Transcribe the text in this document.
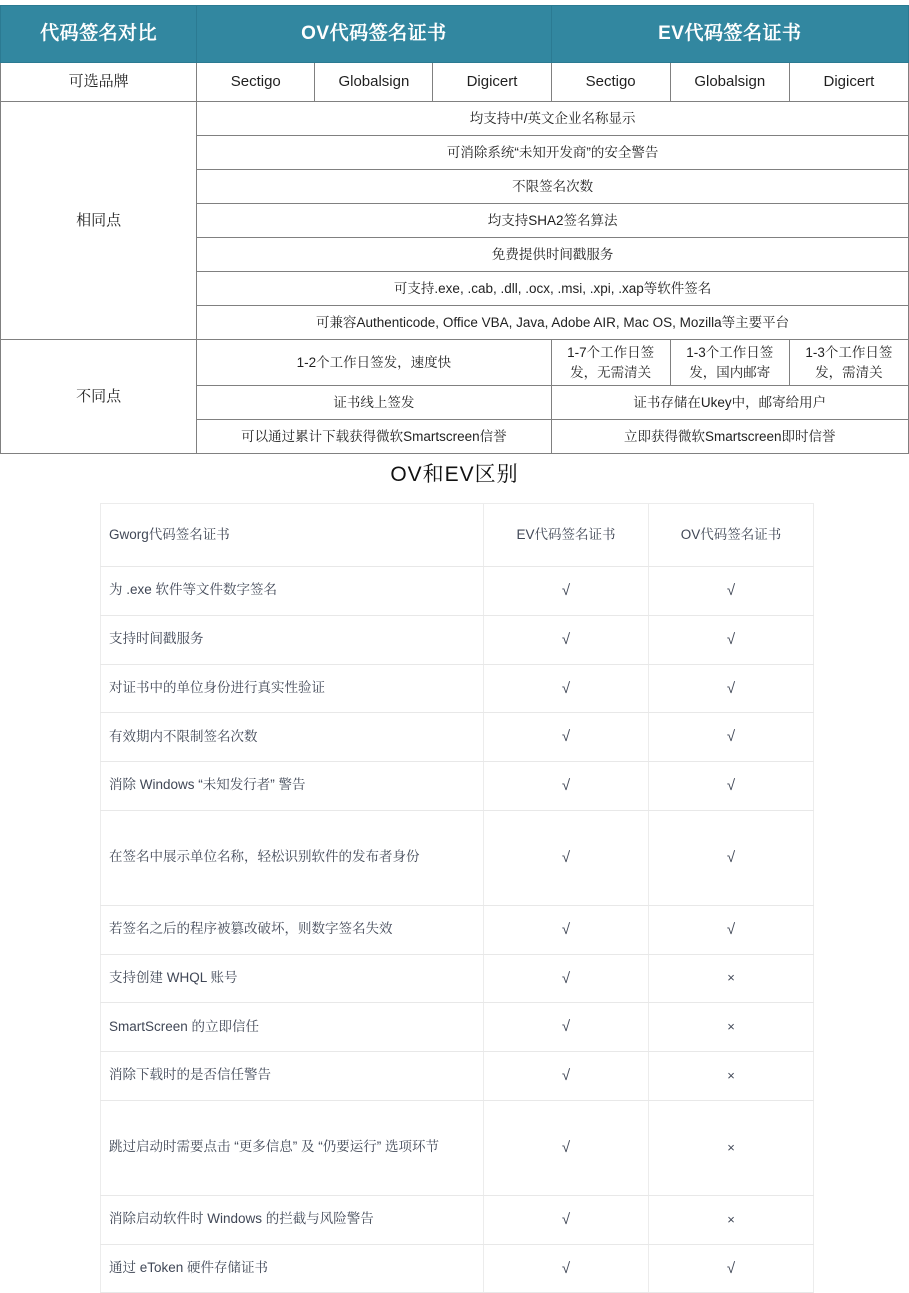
代码签名对比	OV代码签名证书			EV代码签名证书		
可选品牌	Sectigo	Globalsign	Digicert	Sectigo	Globalsign	Digicert
相同点	均支持中/英文企业名称显示					
	可消除系统“未知开发商”的安全警告					
	不限签名次数					
	均支持SHA2签名算法					
	免费提供时间戳服务					
	可支持.exe, .cab, .dll, .ocx, .msi, .xpi, .xap等软件签名					
	可兼容Authenticode, Office VBA, Java, Adobe AIR, Mac OS, Mozilla等主要平台					
不同点	1-2个工作日签发，速度快			1-7个工作日签发，无需清关	1-3个工作日签发，国内邮寄	1-3个工作日签发，需清关
	证书线上签发			证书存储在Ukey中，邮寄给用户		
	可以通过累计下载获得微软Smartscreen信誉			立即获得微软Smartscreen即时信誉		
OV和EV区别
Gworg代码签名证书	EV代码签名证书	OV代码签名证书
为 .exe 软件等文件数字签名	√	√
支持时间戳服务	√	√
对证书中的单位身份进行真实性验证	√	√
有效期内不限制签名次数	√	√
消除 Windows “未知发行者” 警告	√	√
在签名中展示单位名称，轻松识别软件的发布者身份	√	√
若签名之后的程序被篡改破坏，则数字签名失效	√	√
支持创建 WHQL 账号	√	×
SmartScreen 的立即信任	√	×
消除下载时的是否信任警告	√	×
跳过启动时需要点击 “更多信息” 及 “仍要运行” 选项环节	√	×
消除启动软件时 Windows 的拦截与风险警告	√	×
通过 eToken 硬件存储证书	√	√
